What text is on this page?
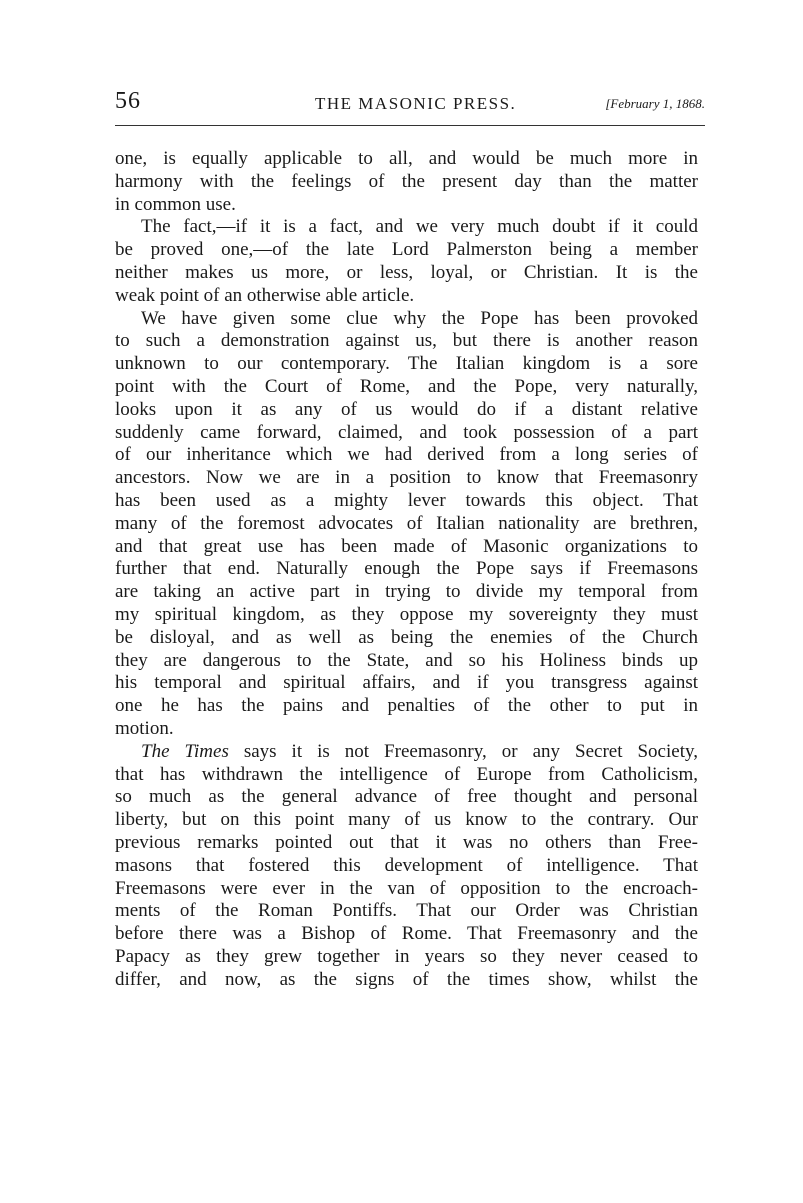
56	THE MASONIC PRESS.	[February 1, 1868.
one, is equally applicable to all, and would be much more in
harmony with the feelings of the present day than the matter
in common use.
The fact,—if it is a fact, and we very much doubt if it could
be proved one,—of the late Lord Palmerston being a member
neither makes us more, or less, loyal, or Christian. It is the
weak point of an otherwise able article.
We have given some clue why the Pope has been provoked
to such a demonstration against us, but there is another reason
unknown to our contemporary. The Italian kingdom is a sore
point with the Court of Rome, and the Pope, very naturally,
looks upon it as any of us would do if a distant relative
suddenly came forward, claimed, and took possession of a part
of our inheritance which we had derived from a long series of
ancestors. Now we are in a position to know that Freemasonry
has been used as a mighty lever towards this object. That
many of the foremost advocates of Italian nationality are brethren,
and that great use has been made of Masonic organizations to
further that end. Naturally enough the Pope says if Freemasons
are taking an active part in trying to divide my temporal from
my spiritual kingdom, as they oppose my sovereignty they must
be disloyal, and as well as being the enemies of the Church
they are dangerous to the State, and so his Holiness binds up
his temporal and spiritual affairs, and if you transgress against
one he has the pains and penalties of the other to put in
motion.
The Times says it is not Freemasonry, or any Secret Society,
that has withdrawn the intelligence of Europe from Catholicism,
so much as the general advance of free thought and personal
liberty, but on this point many of us know to the contrary. Our
previous remarks pointed out that it was no others than Free-
masons that fostered this development of intelligence. That
Freemasons were ever in the van of opposition to the encroach-
ments of the Roman Pontiffs. That our Order was Christian
before there was a Bishop of Rome. That Freemasonry and the
Papacy as they grew together in years so they never ceased to
differ, and now, as the signs of the times show, whilst the
